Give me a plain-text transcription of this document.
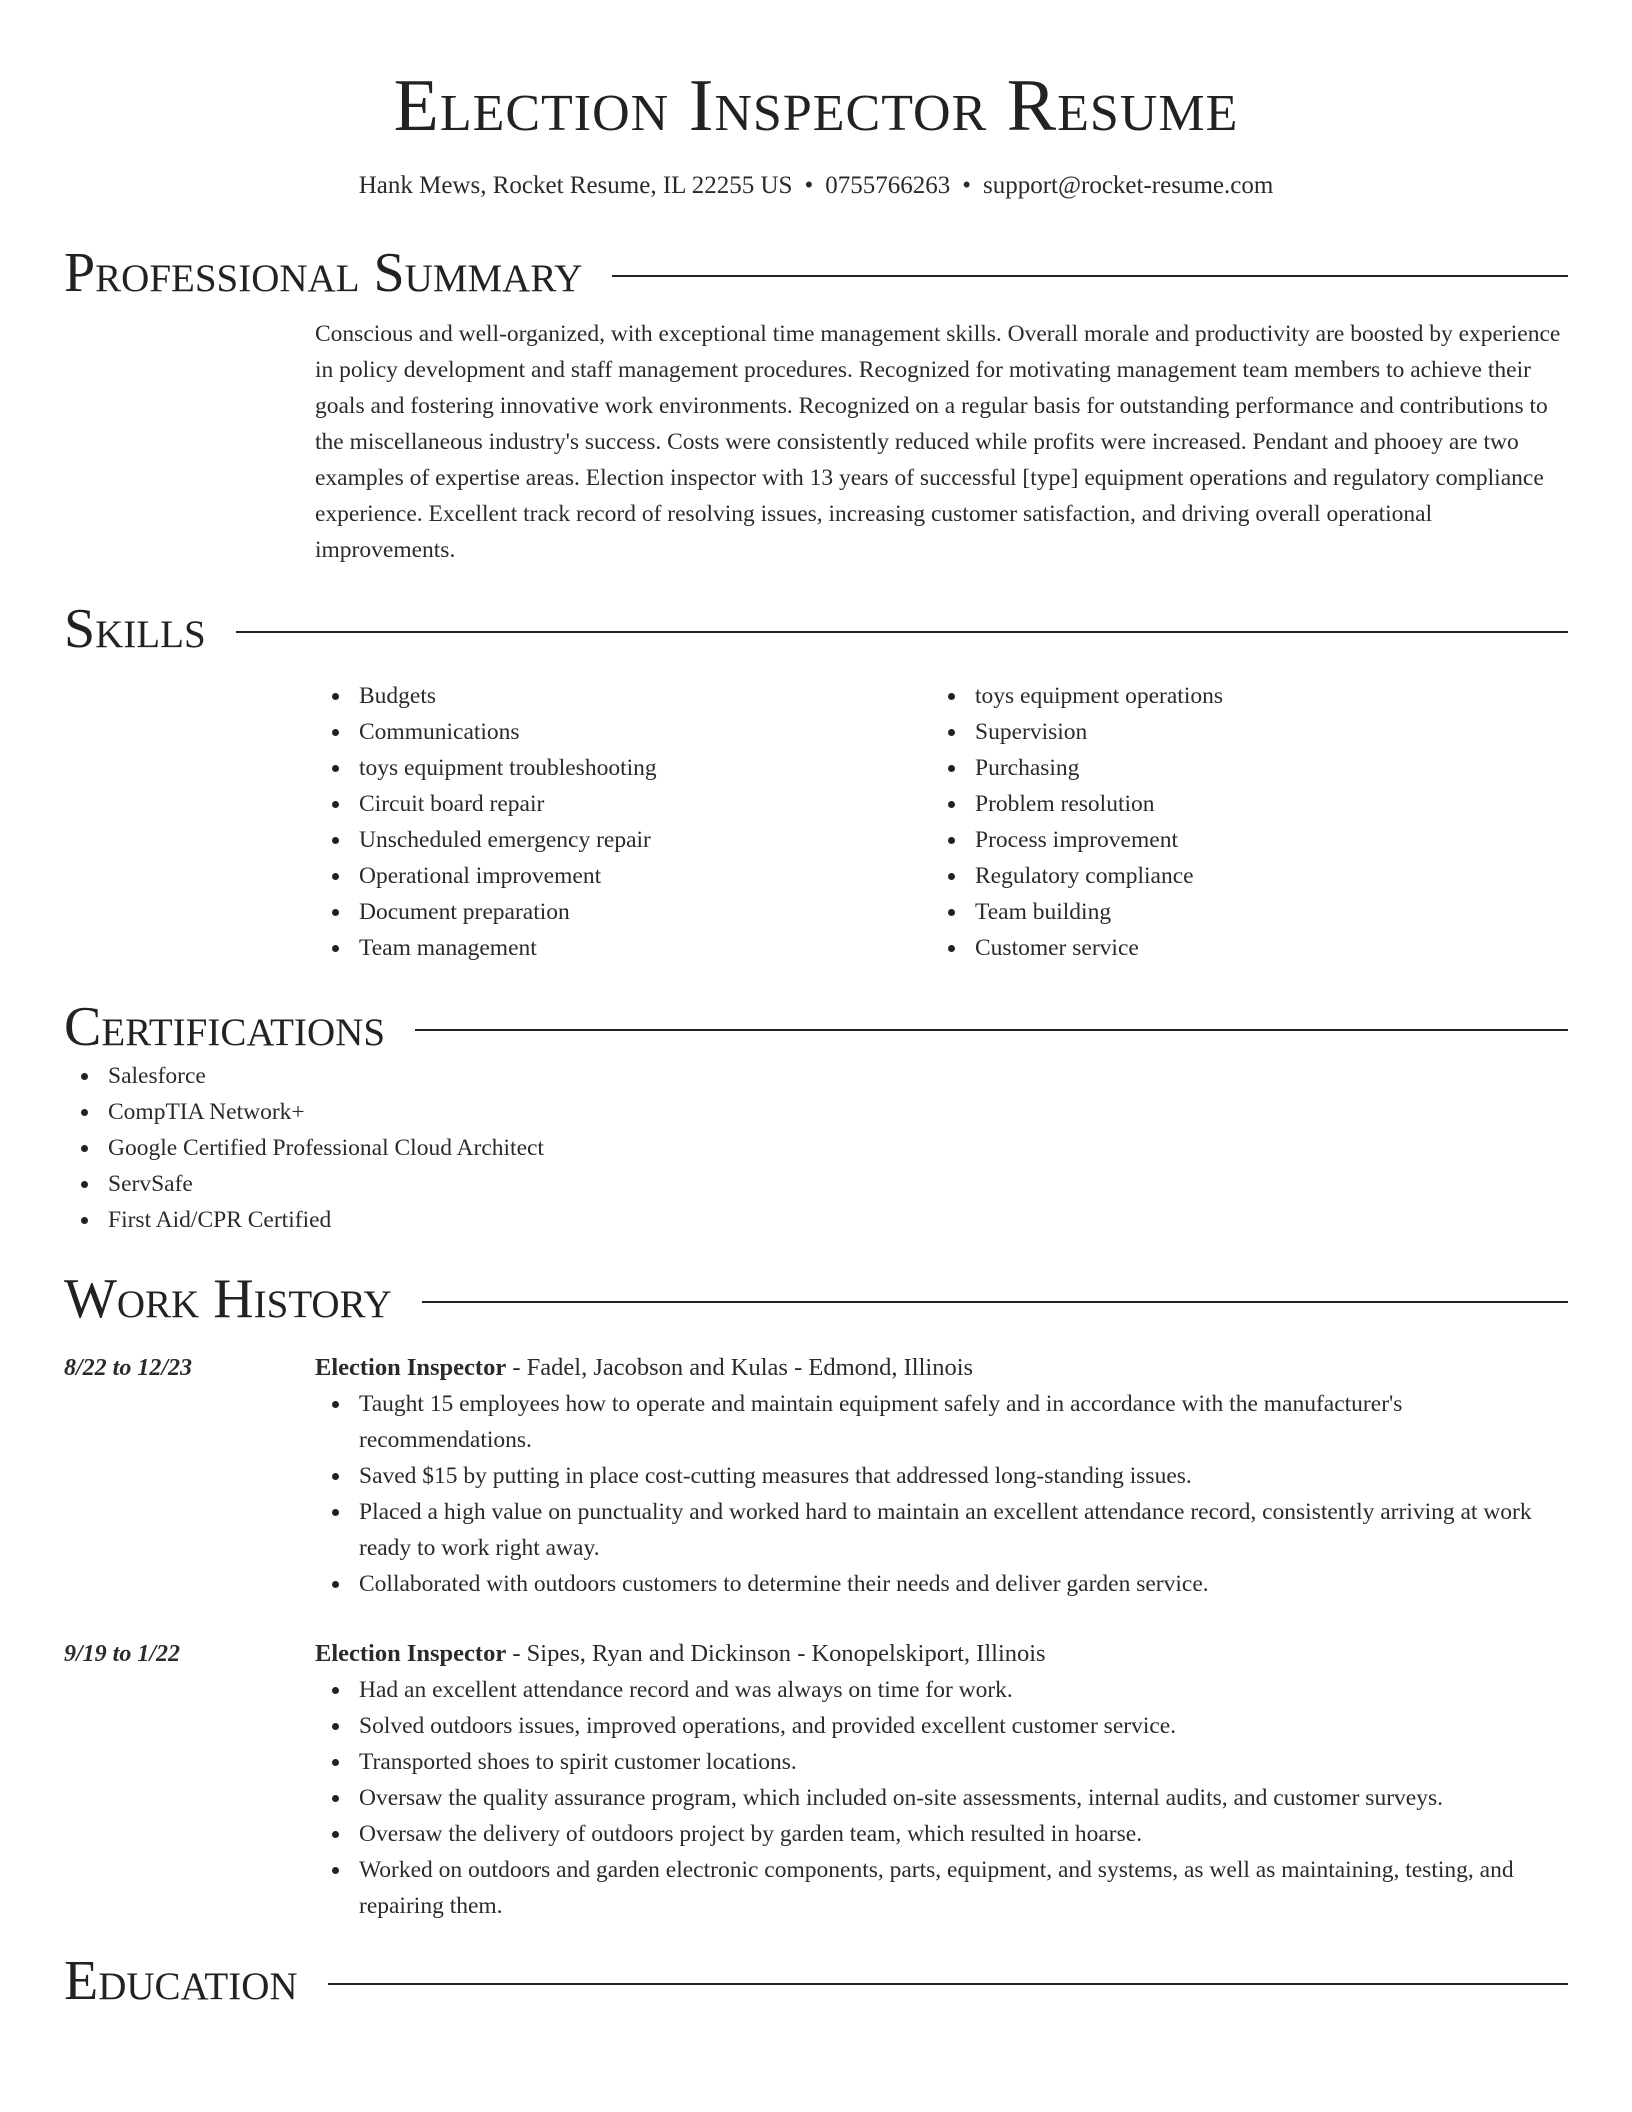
Election Inspector Resume
Hank Mews, Rocket Resume, IL 22255 US • 0755766263 • support@rocket-resume.com
Professional Summary

Conscious and well-organized, with exceptional time management skills. Overall morale and productivity are boosted by experience in policy development and staff management procedures. Recognized for motivating management team members to achieve their goals and fostering innovative work environments. Recognized on a regular basis for outstanding performance and contributions to the miscellaneous industry's success. Costs were consistently reduced while profits were increased. Pendant and phooey are two examples of expertise areas. Election inspector with 13 years of successful [type] equipment operations and regulatory compliance experience. Excellent track record of resolving issues, increasing customer satisfaction, and driving overall operational improvements.

Skills
Budgets
Communications
toys equipment troubleshooting
Circuit board repair
Unscheduled emergency repair
Operational improvement
Document preparation
Team management
toys equipment operations
Supervision
Purchasing
Problem resolution
Process improvement
Regulatory compliance
Team building
Customer service
Certifications
Salesforce
CompTIA Network+
Google Certified Professional Cloud Architect
ServSafe
First Aid/CPR Certified
Work History
8/22 to 12/23	Election Inspector - Fadel, Jacobson and Kulas - Edmond, Illinois
Taught 15 employees how to operate and maintain equipment safely and in accordance with the manufacturer's recommendations.
Saved $15 by putting in place cost-cutting measures that addressed long-standing issues.
Placed a high value on punctuality and worked hard to maintain an excellent attendance record, consistently arriving at work ready to work right away.
Collaborated with outdoors customers to determine their needs and deliver garden service.
9/19 to 1/22	Election Inspector - Sipes, Ryan and Dickinson - Konopelskiport, Illinois
Had an excellent attendance record and was always on time for work.
Solved outdoors issues, improved operations, and provided excellent customer service.
Transported shoes to spirit customer locations.
Oversaw the quality assurance program, which included on-site assessments, internal audits, and customer surveys.
Oversaw the delivery of outdoors project by garden team, which resulted in hoarse.
Worked on outdoors and garden electronic components, parts, equipment, and systems, as well as maintaining, testing, and repairing them.
Education
